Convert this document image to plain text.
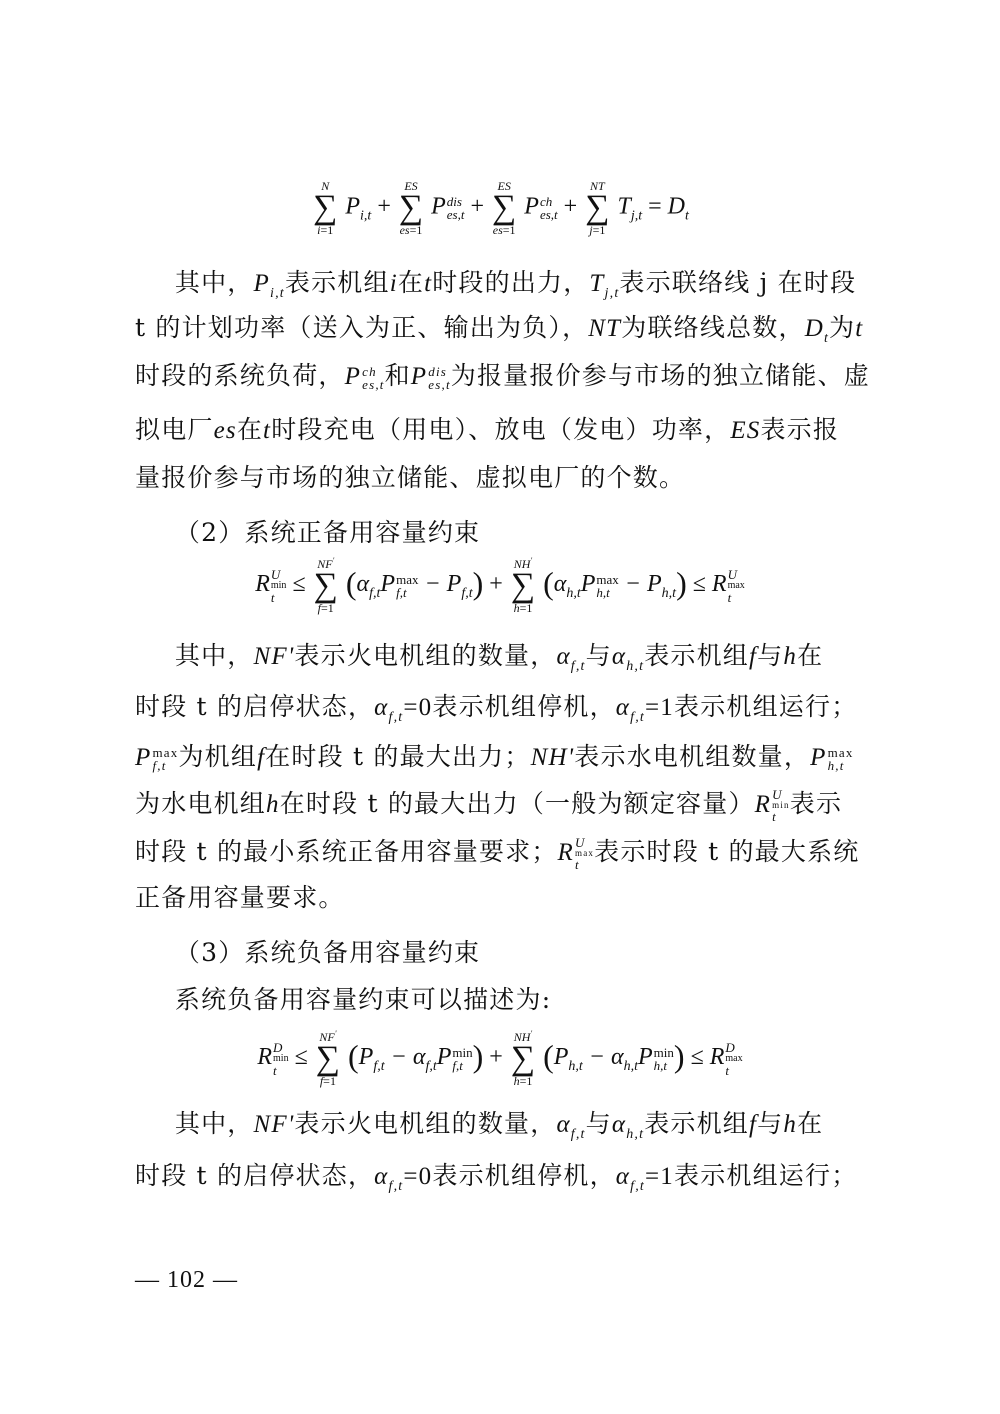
N
∑
i=1
$P_{i,t}$ +
ES
∑
es=1
P dis
es,t +
ES
∑
es=1
P ch
es,t +
NT
∑
j=1
$T_{j,t} = D_t$
  其中，$P_{i,t}$表示机组i在t时段的出力，$T_{j,t}$表示联络线 j 在时段
t 的计划功率（送入为正、输出为负），NT为联络线总数，$D_t$为t
时段的系统负荷，P ch
es,t 和P dis
es,t 为报量报价参与市场的独立储能、虚
拟电厂es在t时段充电（用电）、放电（发电）功率，ES表示报
量报价参与市场的独立储能、虚拟电厂的个数。
  （2）系统正备用容量约束
R U
min
t ≤
NF'
∑
f=1
($\alpha_{f,t}P$ max
$f,t - P_{f,t}$) +
NH'
∑
h=1
($\alpha_{h,t}P$ max
$h,t - P_{h,t}) \le R$ U
max
t
  其中，NF'表示火电机组的数量，$\alpha_{f,t}$与$\alpha_{h,t}$表示机组f与h在
时段 t 的启停状态，$\alpha_{f,t}=0$表示机组停机，$\alpha_{f,t}=1$表示机组运行；
P max
f,t 为机组f在时段 t 的最大出力；NH'表示水电机组数量，P max
h,t
为水电机组h在时段 t 的最大出力（一般为额定容量）R U
min
t 表示
时段 t 的最小系统正备用容量要求；R U
max
t 表示时段 t 的最大系统
正备用容量要求。
  （3）系统负备用容量约束
  系统负备用容量约束可以描述为:
R D
min
t ≤
NF'
∑
f=1
($P_{f,t} - \alpha_{f,t}P$ min
f,t ) +
NH'
∑
h=1
($P_{h,t} - \alpha_{h,t}P$ min
h,t ) ≤ R D
max
t
  其中，NF'表示火电机组的数量，$\alpha_{f,t}$与$\alpha_{h,t}$表示机组f与h在
时段 t 的启停状态，$\alpha_{f,t}=0$表示机组停机，$\alpha_{f,t}=1$表示机组运行；
— 102 —
